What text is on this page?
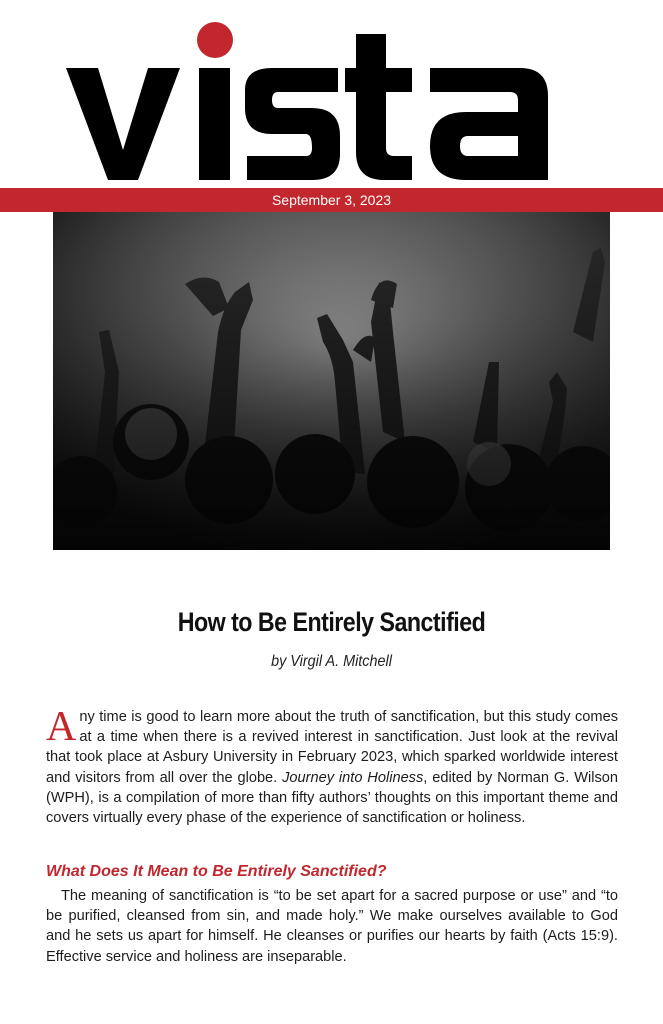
September 3, 2023
How to Be Entirely Sanctified
by Virgil A. Mitchell

Any time is good to learn more about the truth of sanctification, but this study comes at a time when there is a revived interest in sanctification. Just look at the revival that took place at Asbury University in February 2023, which sparked worldwide interest and visitors from all over the globe. Journey into Holiness, edited by Norman G. Wilson (WPH), is a compilation of more than fifty authors’ thoughts on this important theme and covers virtually every phase of the experience of sanctification or holiness.

What Does It Mean to Be Entirely Sanctified?

The meaning of sanctification is “to be set apart for a sacred purpose or use” and “to be purified, cleansed from sin, and made holy.” We make ourselves available to God and he sets us apart for himself. He cleanses or purifies our hearts by faith (Acts 15:9). Effective service and holiness are inseparable.
